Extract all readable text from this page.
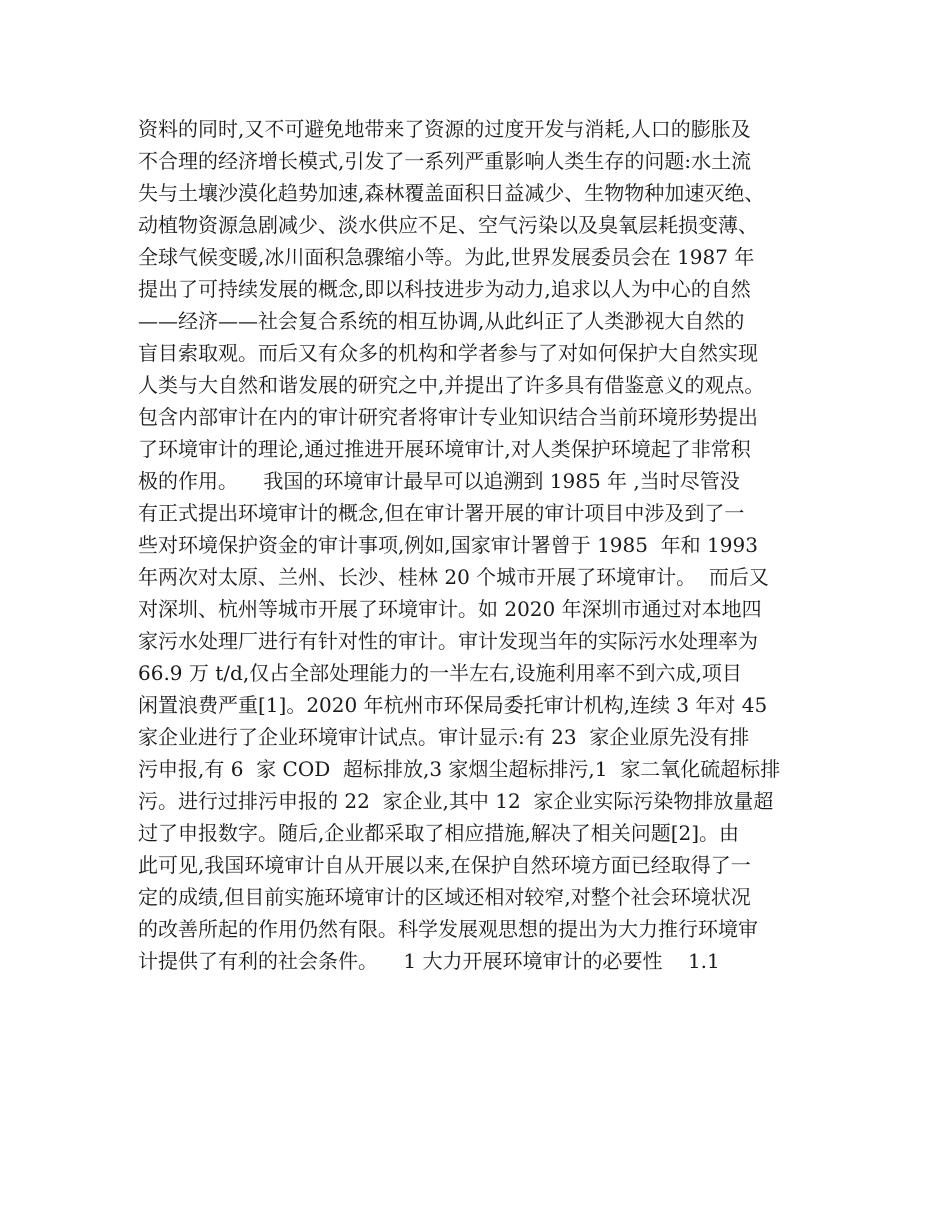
资料的同时,又不可避免地带来了资源的过度开发与消耗,人口的膨胀及
不合理的经济增长模式,引发了一系列严重影响人类生存的问题:水土流
失与土壤沙漠化趋势加速,森林覆盖面积日益减少、生物物种加速灭绝、
动植物资源急剧减少、淡水供应不足、空气污染以及臭氧层耗损变薄、
全球气候变暖,冰川面积急骤缩小等。为此,世界发展委员会在 1987 年
提出了可持续发展的概念,即以科技进步为动力,追求以人为中心的自然
——经济——社会复合系统的相互协调,从此纠正了人类渺视大自然的
盲目索取观。而后又有众多的机构和学者参与了对如何保护大自然实现
人类与大自然和谐发展的研究之中,并提出了许多具有借鉴意义的观点。
包含内部审计在内的审计研究者将审计专业知识结合当前环境形势提出
了环境审计的理论,通过推进开展环境审计,对人类保护环境起了非常积
极的作用。    我国的环境审计最早可以追溯到 1985 年 ,当时尽管没
有正式提出环境审计的概念,但在审计署开展的审计项目中涉及到了一
些对环境保护资金的审计事项,例如,国家审计署曾于 1985  年和 1993
年两次对太原、兰州、长沙、桂林 20 个城市开展了环境审计。  而后又
对深圳、杭州等城市开展了环境审计。如 2020 年深圳市通过对本地四
家污水处理厂进行有针对性的审计。审计发现当年的实际污水处理率为
66.9 万 t/d,仅占全部处理能力的一半左右,设施利用率不到六成,项目
闲置浪费严重[1]。2020 年杭州市环保局委托审计机构,连续 3 年对 45
家企业进行了企业环境审计试点。审计显示:有 23  家企业原先没有排
污申报,有 6  家 COD  超标排放,3 家烟尘超标排污,1  家二氧化硫超标排
污。进行过排污申报的 22  家企业,其中 12  家企业实际污染物排放量超
过了申报数字。随后,企业都采取了相应措施,解决了相关问题[2]。由
此可见,我国环境审计自从开展以来,在保护自然环境方面已经取得了一
定的成绩,但目前实施环境审计的区域还相对较窄,对整个社会环境状况
的改善所起的作用仍然有限。科学发展观思想的提出为大力推行环境审
计提供了有利的社会条件。    1 大力开展环境审计的必要性    1.1
